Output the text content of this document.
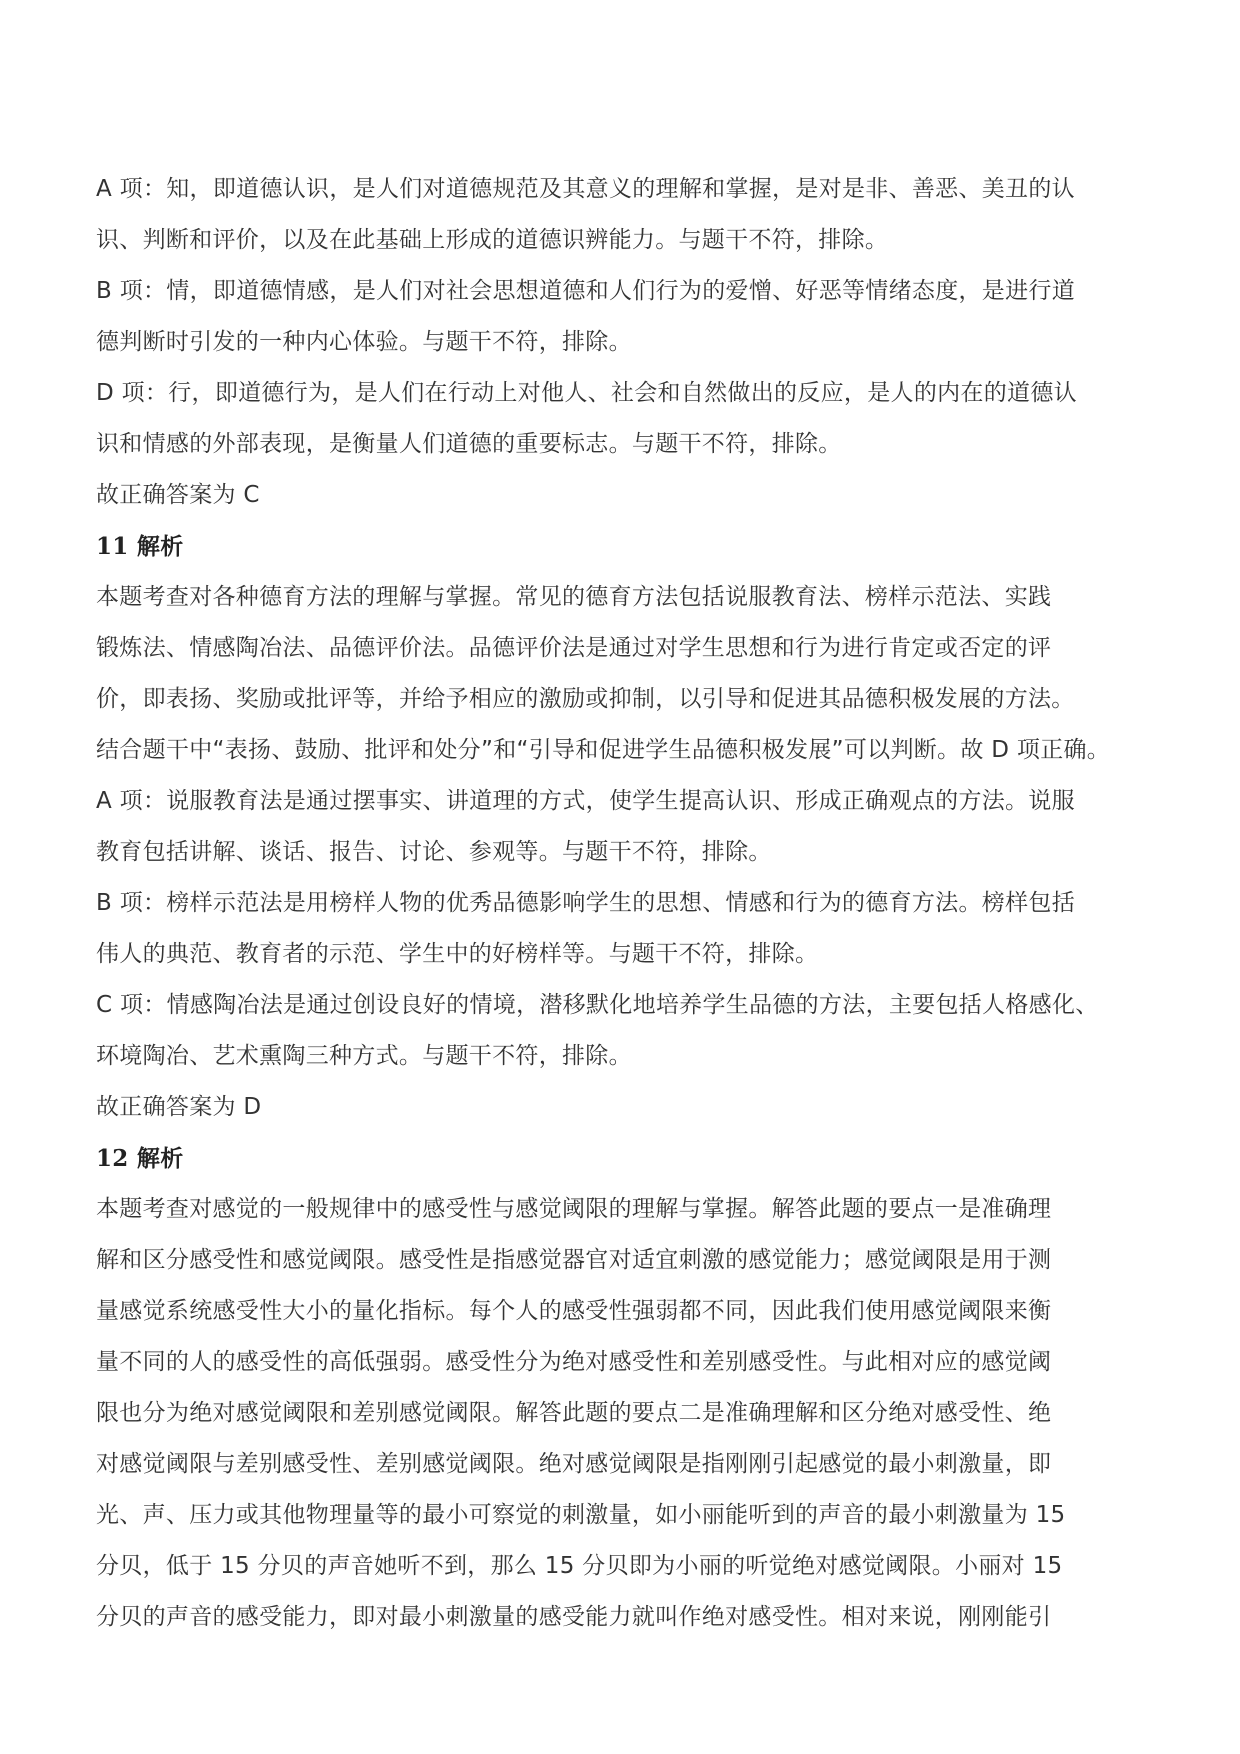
A 项：知，即道德认识，是人们对道德规范及其意义的理解和掌握，是对是非、善恶、美丑的认
识、判断和评价，以及在此基础上形成的道德识辨能力。与题干不符，排除。
B 项：情，即道德情感，是人们对社会思想道德和人们行为的爱憎、好恶等情绪态度，是进行道
德判断时引发的一种内心体验。与题干不符，排除。
D 项：行，即道德行为，是人们在行动上对他人、社会和自然做出的反应，是人的内在的道德认
识和情感的外部表现，是衡量人们道德的重要标志。与题干不符，排除。
故正确答案为 C
11 解析
本题考查对各种德育方法的理解与掌握。常见的德育方法包括说服教育法、榜样示范法、实践
锻炼法、情感陶冶法、品德评价法。品德评价法是通过对学生思想和行为进行肯定或否定的评
价，即表扬、奖励或批评等，并给予相应的激励或抑制，以引导和促进其品德积极发展的方法。
结合题干中“表扬、鼓励、批评和处分”和“引导和促进学生品德积极发展”可以判断。故 D 项正确。
A 项：说服教育法是通过摆事实、讲道理的方式，使学生提高认识、形成正确观点的方法。说服
教育包括讲解、谈话、报告、讨论、参观等。与题干不符，排除。
B 项：榜样示范法是用榜样人物的优秀品德影响学生的思想、情感和行为的德育方法。榜样包括
伟人的典范、教育者的示范、学生中的好榜样等。与题干不符，排除。
C 项：情感陶冶法是通过创设良好的情境，潜移默化地培养学生品德的方法，主要包括人格感化、
环境陶冶、艺术熏陶三种方式。与题干不符，排除。
故正确答案为 D
12 解析
本题考查对感觉的一般规律中的感受性与感觉阈限的理解与掌握。解答此题的要点一是准确理
解和区分感受性和感觉阈限。感受性是指感觉器官对适宜刺激的感觉能力；感觉阈限是用于测
量感觉系统感受性大小的量化指标。每个人的感受性强弱都不同，因此我们使用感觉阈限来衡
量不同的人的感受性的高低强弱。感受性分为绝对感受性和差别感受性。与此相对应的感觉阈
限也分为绝对感觉阈限和差别感觉阈限。解答此题的要点二是准确理解和区分绝对感受性、绝
对感觉阈限与差别感受性、差别感觉阈限。绝对感觉阈限是指刚刚引起感觉的最小刺激量，即
光、声、压力或其他物理量等的最小可察觉的刺激量，如小丽能听到的声音的最小刺激量为 15
分贝，低于 15 分贝的声音她听不到，那么 15 分贝即为小丽的听觉绝对感觉阈限。小丽对 15
分贝的声音的感受能力，即对最小刺激量的感受能力就叫作绝对感受性。相对来说，刚刚能引
